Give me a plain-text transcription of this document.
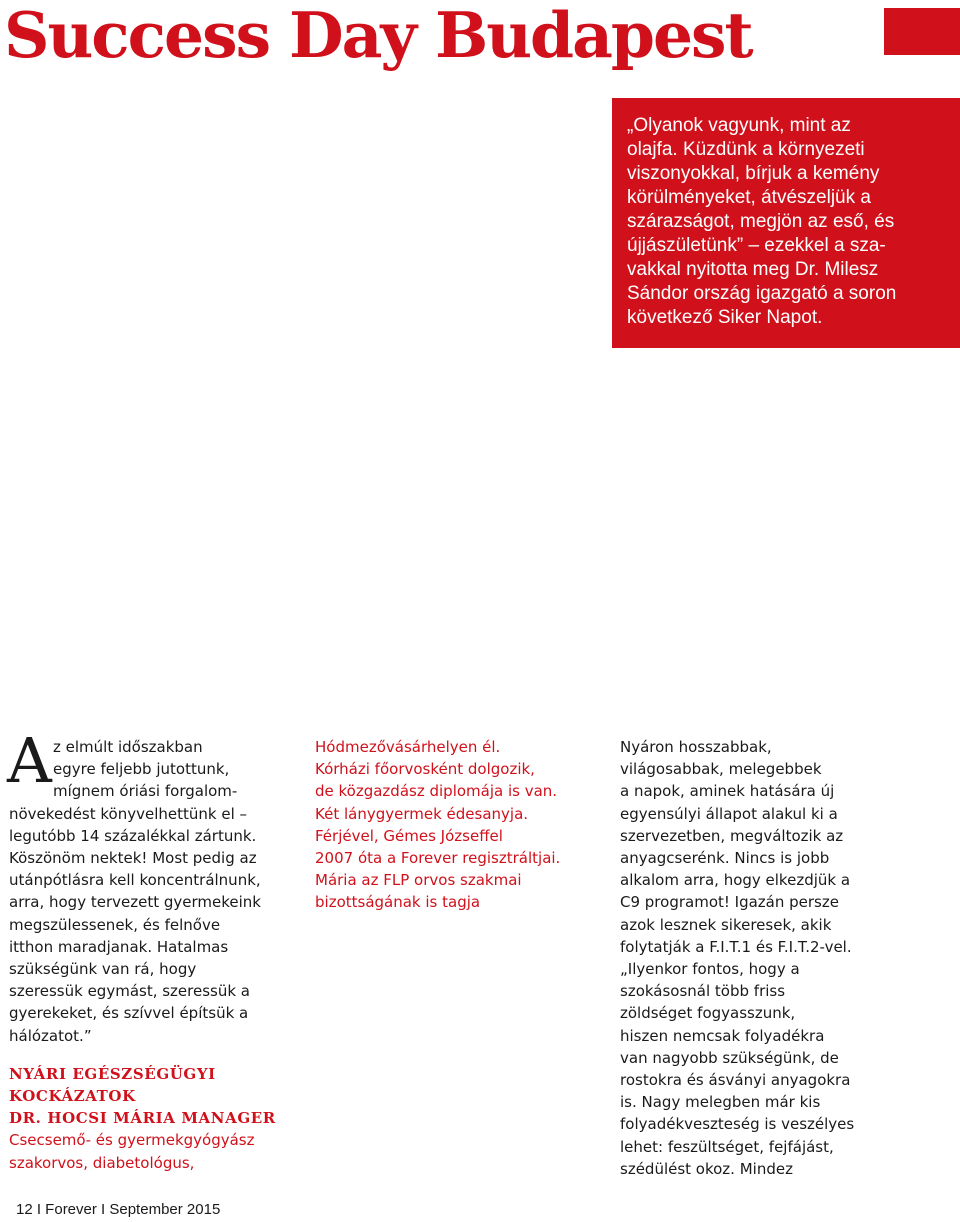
Success Day Budapest
„Olyanok vagyunk, mint az
olajfa. Küzdünk a környezeti
viszonyokkal, bírjuk a kemény
körülményeket, átvészeljük a
szárazságot, megjön az eső, és
újjászületünk” – ezekkel a sza-
vakkal nyitotta meg Dr. Milesz
Sándor ország igazgató a soron
következő Siker Napot.
A z elmúlt időszakban
egyre feljebb jutottunk,
mígnem óriási forgalom-
növekedést könyvelhettünk el –
legutóbb 14 százalékkal zártunk.
Köszönöm nektek! Most pedig az
utánpótlásra kell koncentrálnunk,
arra, hogy tervezett gyermekeink
megszülessenek, és felnőve
itthon maradjanak. Hatalmas
szükségünk van rá, hogy
szeressük egymást, szeressük a
gyerekeket, és szívvel építsük a
hálózatot.”
NYÁRI EGÉSZSÉGÜGYI
KOCKÁZATOK
DR. HOCSI MÁRIA MANAGER
Csecsemő- és gyermekgyógyász
szakorvos, diabetológus,
Hódmezővásárhelyen él.
Kórházi főorvosként dolgozik,
de közgazdász diplomája is van.
Két lánygyermek édesanyja.
Férjével, Gémes Józseffel
2007 óta a Forever regisztráltjai.
Mária az FLP orvos szakmai
bizottságának is tagja
Nyáron hosszabbak,
világosabbak, melegebbek
a napok, aminek hatására új
egyensúlyi állapot alakul ki a
szervezetben, megváltozik az
anyagcserénk. Nincs is jobb
alkalom arra, hogy elkezdjük a
C9 programot! Igazán persze
azok lesznek sikeresek, akik
folytatják a F.I.T.1 és F.I.T.2-vel.
„Ilyenkor fontos, hogy a
szokásosnál több friss
zöldséget fogyasszunk,
hiszen nemcsak folyadékra
van nagyobb szükségünk, de
rostokra és ásványi anyagokra
is. Nagy melegben már kis
folyadékveszteség is veszélyes
lehet: feszültséget, fejfájást,
szédülést okoz. Mindez
12 I Forever I September 2015
